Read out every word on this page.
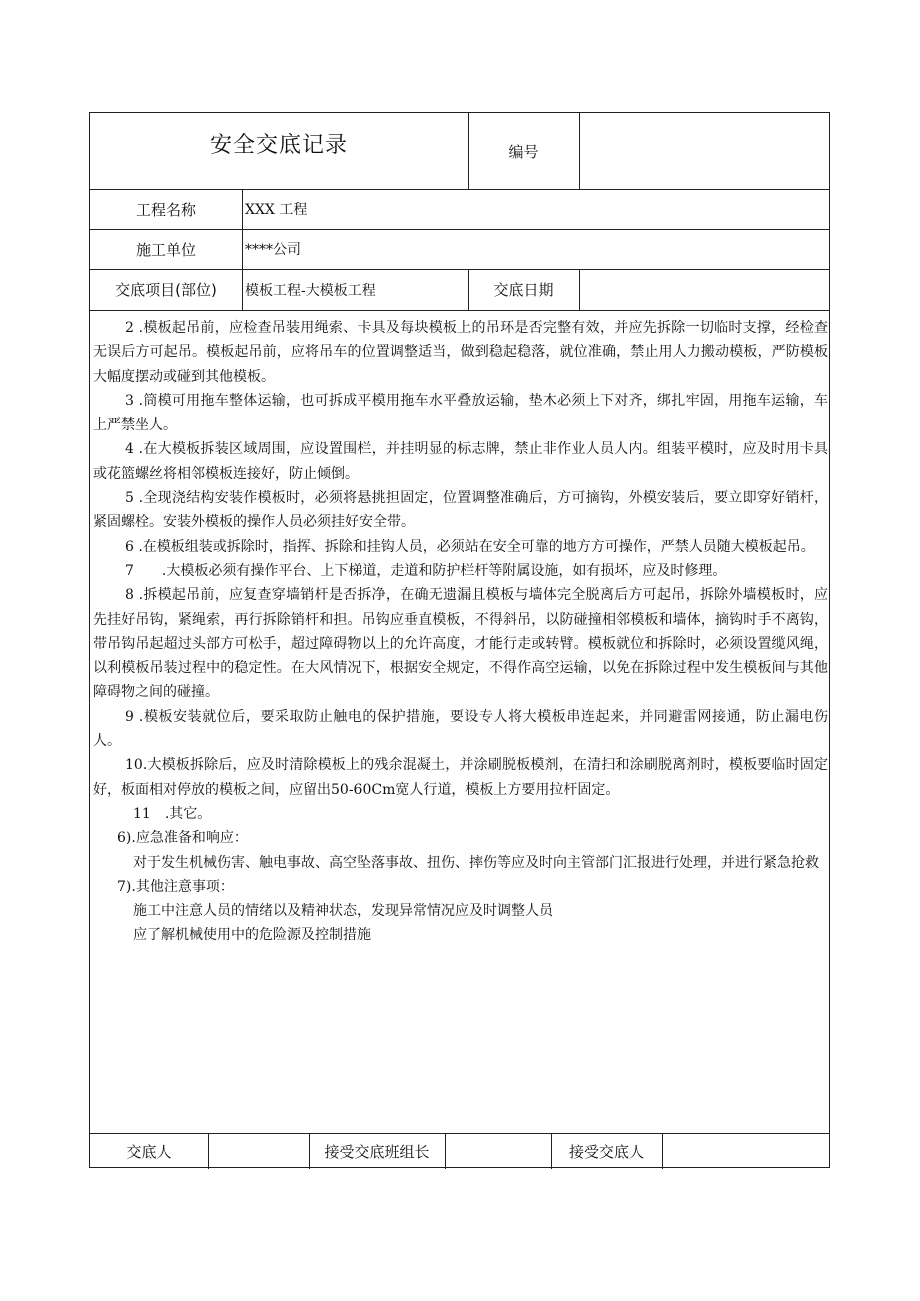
安全交底记录	编号
工程名称	XXX 工程
施工单位	****公司
交底项目(部位)	模板工程-大模板工程	交底日期

2 .模板起吊前，应检查吊装用绳索、卡具及每块模板上的吊环是否完整有效，并应先拆除一切临时支撑，经检查无误后方可起吊。模板起吊前，应将吊车的位置调整适当，做到稳起稳落，就位准确，禁止用人力搬动模板，严防模板大幅度摆动或碰到其他模板。

3 .筒模可用拖车整体运输，也可拆成平模用拖车水平叠放运输，垫木必须上下对齐，绑扎牢固，用拖车运输，车上严禁坐人。

4 .在大模板拆装区域周围，应设置围栏，并挂明显的标志牌，禁止非作业人员人内。组装平模时，应及时用卡具或花篮螺丝将相邻模板连接好，防止倾倒。

5 .全现浇结构安装作模板时，必须将悬挑担固定，位置调整准确后，方可摘钩，外模安装后，要立即穿好销杆，紧固螺栓。安装外模板的操作人员必须挂好安全带。

6 .在模板组装或拆除时，指挥、拆除和挂钩人员，必须站在安全可靠的地方方可操作，严禁人员随大模板起吊。

7　　.大模板必须有操作平台、上下梯道，走道和防护栏杆等附属设施，如有损坏，应及时修理。

8 .拆模起吊前，应复查穿墙销杆是否拆净，在确无遗漏且模板与墙体完全脱离后方可起吊，拆除外墙模板时，应先挂好吊钩，紧绳索，再行拆除销杆和担。吊钩应垂直模板，不得斜吊，以防碰撞相邻模板和墙体，摘钩时手不离钩，带吊钩吊起超过头部方可松手，超过障碍物以上的允许高度，才能行走或转臂。模板就位和拆除时，必须设置缆风绳，以利模板吊装过程中的稳定性。在大风情况下，根据安全规定，不得作高空运输，以免在拆除过程中发生模板间与其他障碍物之间的碰撞。

9 .模板安装就位后，要采取防止触电的保护措施，要设专人将大模板串连起来，并同避雷网接通，防止漏电伤人。

10.大模板拆除后，应及时清除模板上的残余混凝土，并涂刷脱板模剂，在清扫和涂刷脱离剂时，模板要临时固定好，板面相对停放的模板之间，应留出50-60Cm宽人行道，模板上方要用拉杆固定。

11　.其它。

6).应急准备和响应：

对于发生机械伤害、触电事故、高空坠落事故、扭伤、摔伤等应及时向主管部门汇报进行处理，并进行紧急抢救

7).其他注意事项：

施工中注意人员的情绪以及精神状态，发现异常情况应及时调整人员

应了解机械使用中的危险源及控制措施

交底人	接受交底班组长	接受交底人
